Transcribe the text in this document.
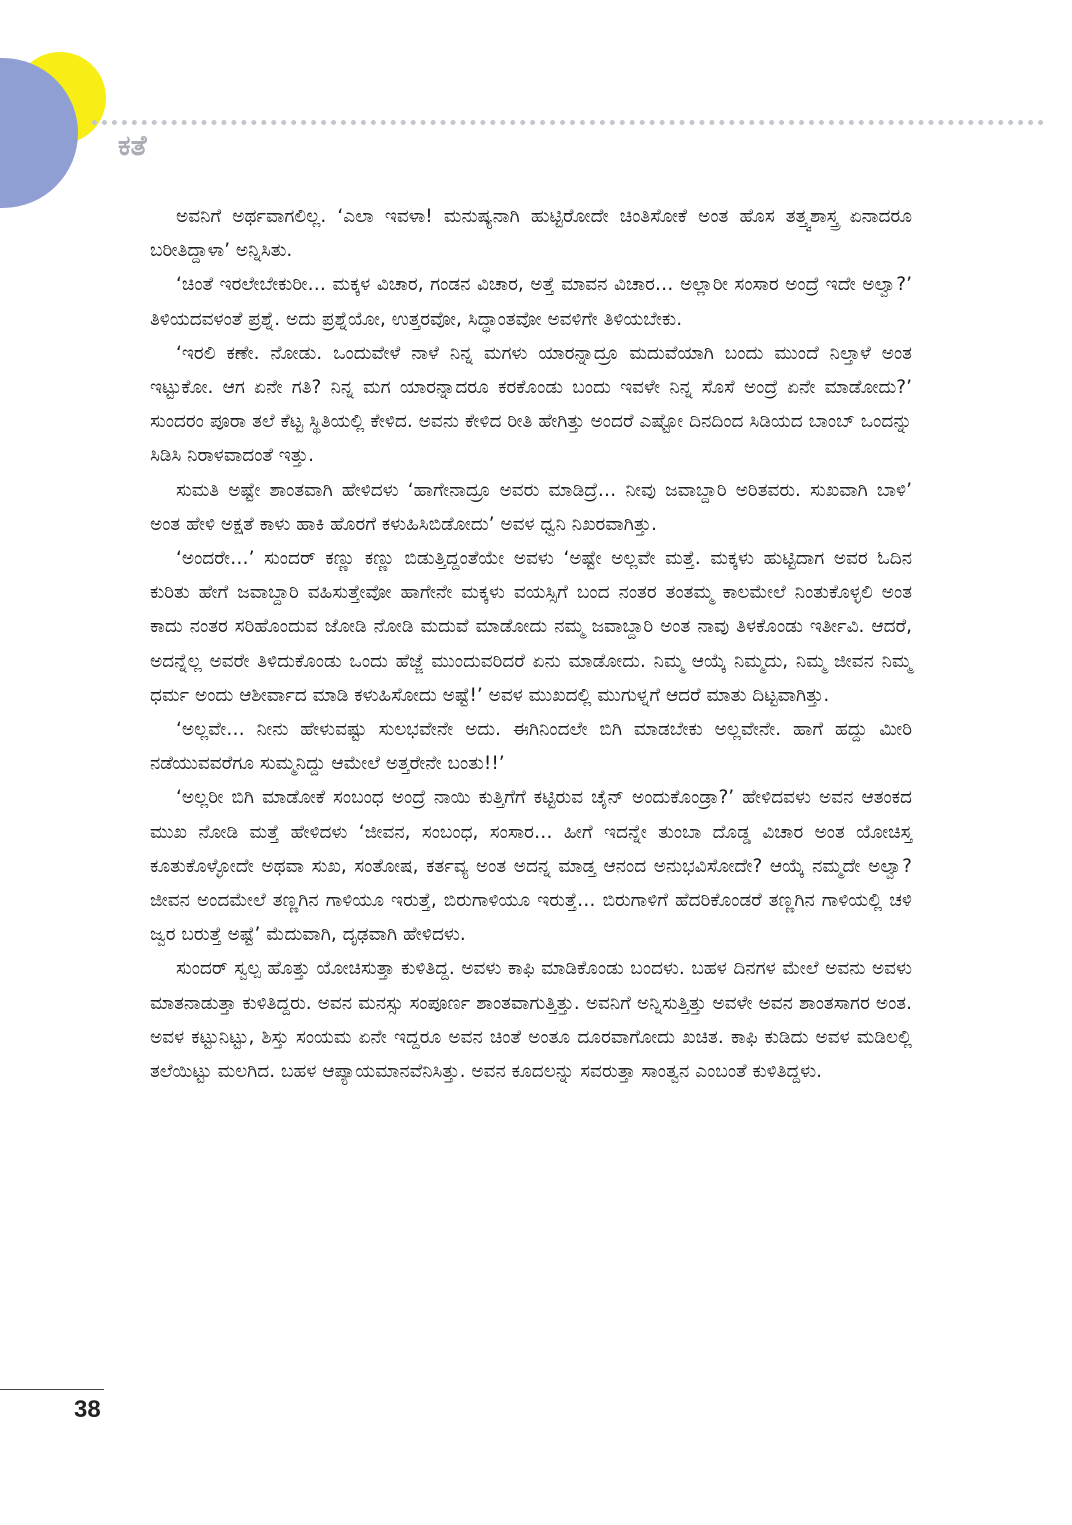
ಕತೆ

ಅವನಿಗೆ ಅರ್ಥವಾಗಲಿಲ್ಲ. ‘ಎಲಾ ಇವಳಾ! ಮನುಷ್ಯನಾಗಿ ಹುಟ್ಟಿರೋದೇ ಚಿಂತಿಸೋಕೆ ಅಂತ ಹೊಸ ತತ್ತ್ವಶಾಸ್ತ್ರ ಏನಾದರೂ ಬರೀತಿದ್ದಾಳಾ’ ಅನ್ನಿಸಿತು.

‘ಚಿಂತೆ ಇರಲೇಬೇಕುರೀ… ಮಕ್ಕಳ ವಿಚಾರ, ಗಂಡನ ವಿಚಾರ, ಅತ್ತೆ ಮಾವನ ವಿಚಾರ… ಅಲ್ಲಾರೀ ಸಂಸಾರ ಅಂದ್ರೆ ಇದೇ ಅಲ್ವಾ?’ ತಿಳಿಯದವಳಂತೆ ಪ್ರಶ್ನೆ. ಅದು ಪ್ರಶ್ನೆಯೋ, ಉತ್ತರವೋ, ಸಿದ್ಧಾಂತವೋ ಅವಳಿಗೇ ತಿಳಿಯಬೇಕು.

‘ಇರಲಿ ಕಣೇ. ನೋಡು. ಒಂದುವೇಳೆ ನಾಳೆ ನಿನ್ನ ಮಗಳು ಯಾರನ್ನಾದ್ರೂ ಮದುವೆಯಾಗಿ ಬಂದು ಮುಂದೆ ನಿಲ್ತಾಳೆ ಅಂತ ಇಟ್ಟುಕೋ. ಆಗ ಏನೇ ಗತಿ? ನಿನ್ನ ಮಗ ಯಾರನ್ನಾದರೂ ಕರಕೊಂಡು ಬಂದು ಇವಳೇ ನಿನ್ನ ಸೊಸೆ ಅಂದ್ರೆ ಏನೇ ಮಾಡೋದು?’ ಸುಂದರಂ ಪೂರಾ ತಲೆ ಕೆಟ್ಟ ಸ್ಥಿತಿಯಲ್ಲಿ ಕೇಳಿದ. ಅವನು ಕೇಳಿದ ರೀತಿ ಹೇಗಿತ್ತು ಅಂದರೆ ಎಷ್ಟೋ ದಿನದಿಂದ ಸಿಡಿಯದ ಬಾಂಬ್ ಒಂದನ್ನು ಸಿಡಿಸಿ ನಿರಾಳವಾದಂತೆ ಇತ್ತು.

ಸುಮತಿ ಅಷ್ಟೇ ಶಾಂತವಾಗಿ ಹೇಳಿದಳು ‘ಹಾಗೇನಾದ್ರೂ ಅವರು ಮಾಡಿದ್ರೆ… ನೀವು ಜವಾಬ್ದಾರಿ ಅರಿತವರು. ಸುಖವಾಗಿ ಬಾಳಿ’ ಅಂತ ಹೇಳಿ ಅಕ್ಷತೆ ಕಾಳು ಹಾಕಿ ಹೊರಗೆ ಕಳುಹಿಸಿಬಿಡೋದು’ ಅವಳ ಧ್ವನಿ ನಿಖರವಾಗಿತ್ತು.

‘ಅಂದರೇ…’ ಸುಂದರ್ ಕಣ್ಣು ಕಣ್ಣು ಬಿಡುತ್ತಿದ್ದಂತೆಯೇ ಅವಳು ‘ಅಷ್ಟೇ ಅಲ್ಲವೇ ಮತ್ತೆ. ಮಕ್ಕಳು ಹುಟ್ಟಿದಾಗ ಅವರ ಓದಿನ ಕುರಿತು ಹೇಗೆ ಜವಾಬ್ದಾರಿ ವಹಿಸುತ್ತೇವೋ ಹಾಗೇನೇ ಮಕ್ಕಳು ವಯಸ್ಸಿಗೆ ಬಂದ ನಂತರ ತಂತಮ್ಮ ಕಾಲಮೇಲೆ ನಿಂತುಕೊಳ್ಳಲಿ ಅಂತ ಕಾದು ನಂತರ ಸರಿಹೊಂದುವ ಜೋಡಿ ನೋಡಿ ಮದುವೆ ಮಾಡೋದು ನಮ್ಮ ಜವಾಬ್ದಾರಿ ಅಂತ ನಾವು ತಿಳಕೊಂಡು ಇರ್ತೀವಿ. ಆದರೆ, ಅದನ್ನೆಲ್ಲ ಅವರೇ ತಿಳಿದುಕೊಂಡು ಒಂದು ಹೆಜ್ಜೆ ಮುಂದುವರಿದರೆ ಏನು ಮಾಡೋದು. ನಿಮ್ಮ ಆಯ್ಕೆ ನಿಮ್ಮದು, ನಿಮ್ಮ ಜೀವನ ನಿಮ್ಮ ಧರ್ಮ ಅಂದು ಆಶೀರ್ವಾದ ಮಾಡಿ ಕಳುಹಿಸೋದು ಅಷ್ಟೆ!’ ಅವಳ ಮುಖದಲ್ಲಿ ಮುಗುಳ್ನಗೆ ಆದರೆ ಮಾತು ದಿಟ್ಟವಾಗಿತ್ತು.

‘ಅಲ್ಲವೇ… ನೀನು ಹೇಳುವಷ್ಟು ಸುಲಭವೇನೇ ಅದು. ಈಗಿನಿಂದಲೇ ಬಿಗಿ ಮಾಡಬೇಕು ಅಲ್ಲವೇನೇ. ಹಾಗೆ ಹದ್ದು ಮೀರಿ ನಡೆಯುವವರೆಗೂ ಸುಮ್ಮನಿದ್ದು ಆಮೇಲೆ ಅತ್ತರೇನೇ ಬಂತು!!’

‘ಅಲ್ಲರೀ ಬಿಗಿ ಮಾಡೋಕೆ ಸಂಬಂಧ ಅಂದ್ರೆ ನಾಯಿ ಕುತ್ತಿಗೆಗೆ ಕಟ್ಟಿರುವ ಚೈನ್ ಅಂದುಕೊಂಡ್ರಾ?’ ಹೇಳಿದವಳು ಅವನ ಆತಂಕದ ಮುಖ ನೋಡಿ ಮತ್ತೆ ಹೇಳಿದಳು ‘ಜೀವನ, ಸಂಬಂಧ, ಸಂಸಾರ… ಹೀಗೆ ಇದನ್ನೇ ತುಂಬಾ ದೊಡ್ಡ ವಿಚಾರ ಅಂತ ಯೋಚಿಸ್ತ ಕೂತುಕೊಳ್ಳೋದೇ ಅಥವಾ ಸುಖ, ಸಂತೋಷ, ಕರ್ತವ್ಯ ಅಂತ ಅದನ್ನ ಮಾಡ್ತ ಆನಂದ ಅನುಭವಿಸೋದೇ? ಆಯ್ಕೆ ನಮ್ಮದೇ ಅಲ್ವಾ? ಜೀವನ ಅಂದಮೇಲೆ ತಣ್ಣಗಿನ ಗಾಳಿಯೂ ಇರುತ್ತೆ, ಬಿರುಗಾಳಿಯೂ ಇರುತ್ತೆ… ಬಿರುಗಾಳಿಗೆ ಹೆದರಿಕೊಂಡರೆ ತಣ್ಣಗಿನ ಗಾಳಿಯಲ್ಲಿ ಚಳಿ ಜ್ವರ ಬರುತ್ತೆ ಅಷ್ಟೆ’ ಮೆದುವಾಗಿ, ದೃಢವಾಗಿ ಹೇಳಿದಳು.

ಸುಂದರ್ ಸ್ವಲ್ಪ ಹೊತ್ತು ಯೋಚಿಸುತ್ತಾ ಕುಳಿತಿದ್ದ. ಅವಳು ಕಾಫಿ ಮಾಡಿಕೊಂಡು ಬಂದಳು. ಬಹಳ ದಿನಗಳ ಮೇಲೆ ಅವನು ಅವಳು ಮಾತನಾಡುತ್ತಾ ಕುಳಿತಿದ್ದರು. ಅವನ ಮನಸ್ಸು ಸಂಪೂರ್ಣ ಶಾಂತವಾಗುತ್ತಿತ್ತು. ಅವನಿಗೆ ಅನ್ನಿಸುತ್ತಿತ್ತು ಅವಳೇ ಅವನ ಶಾಂತಸಾಗರ ಅಂತ. ಅವಳ ಕಟ್ಟುನಿಟ್ಟು, ಶಿಸ್ತು ಸಂಯಮ ಏನೇ ಇದ್ದರೂ ಅವನ ಚಿಂತೆ ಅಂತೂ ದೂರವಾಗೋದು ಖಚಿತ. ಕಾಫಿ ಕುಡಿದು ಅವಳ ಮಡಿಲಲ್ಲಿ ತಲೆಯಿಟ್ಟು ಮಲಗಿದ. ಬಹಳ ಆಪ್ಯಾಯಮಾನವೆನಿಸಿತ್ತು. ಅವನ ಕೂದಲನ್ನು ಸವರುತ್ತಾ ಸಾಂತ್ವನ ಎಂಬಂತೆ ಕುಳಿತಿದ್ದಳು.

38
